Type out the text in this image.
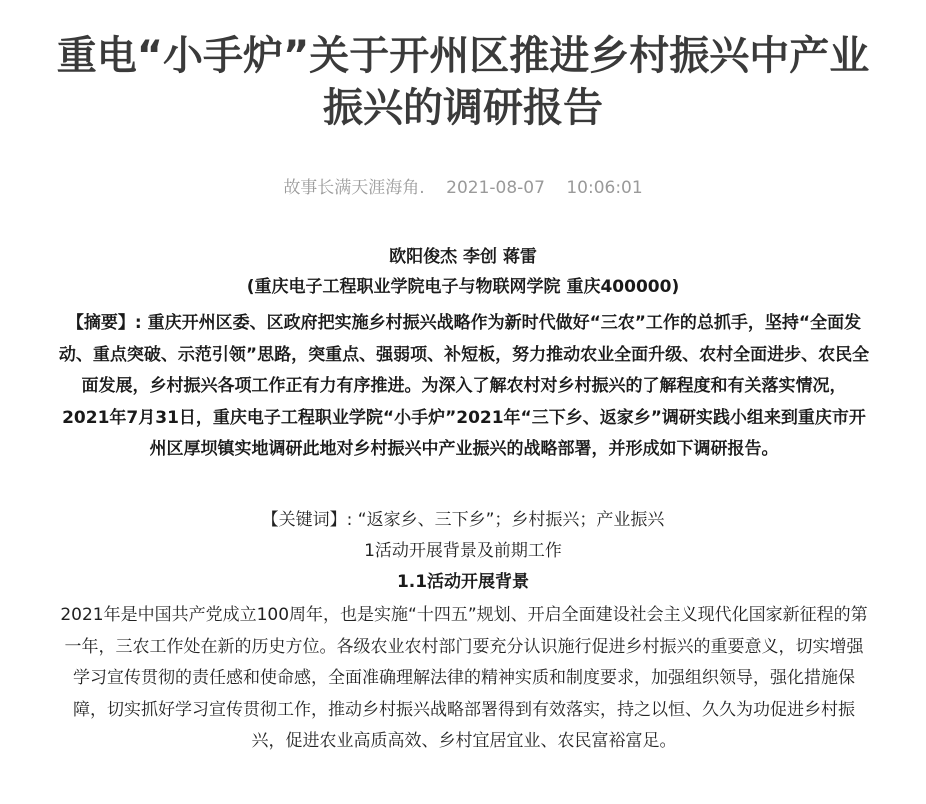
重电“小手炉”关于开州区推进乡村振兴中产业振兴的调研报告
故事长满天涯海角. 2021-08-07 10:06:01
欧阳俊杰 李创 蒋雷
(重庆电子工程职业学院电子与物联网学院 重庆400000)
【摘要】: 重庆开州区委、区政府把实施乡村振兴战略作为新时代做好“三农”工作的总抓手，坚持“全面发动、重点突破、示范引领”思路，突重点、强弱项、补短板，努力推动农业全面升级、农村全面进步、农民全面发展，乡村振兴各项工作正有力有序推进。为深入了解农村对乡村振兴的了解程度和有关落实情况，2021年7月31日，重庆电子工程职业学院“小手炉”2021年“三下乡、返家乡”调研实践小组来到重庆市开州区厚坝镇实地调研此地对乡村振兴中产业振兴的战略部署，并形成如下调研报告。
【关键词】: “返家乡、三下乡”；乡村振兴；产业振兴
1活动开展背景及前期工作
1.1活动开展背景
2021年是中国共产党成立100周年，也是实施“十四五”规划、开启全面建设社会主义现代化国家新征程的第一年，三农工作处在新的历史方位。各级农业农村部门要充分认识施行促进乡村振兴的重要意义，切实增强学习宣传贯彻的责任感和使命感，全面准确理解法律的精神实质和制度要求，加强组织领导，强化措施保障，切实抓好学习宣传贯彻工作，推动乡村振兴战略部署得到有效落实，持之以恒、久久为功促进乡村振兴，促进农业高质高效、乡村宜居宜业、农民富裕富足。
